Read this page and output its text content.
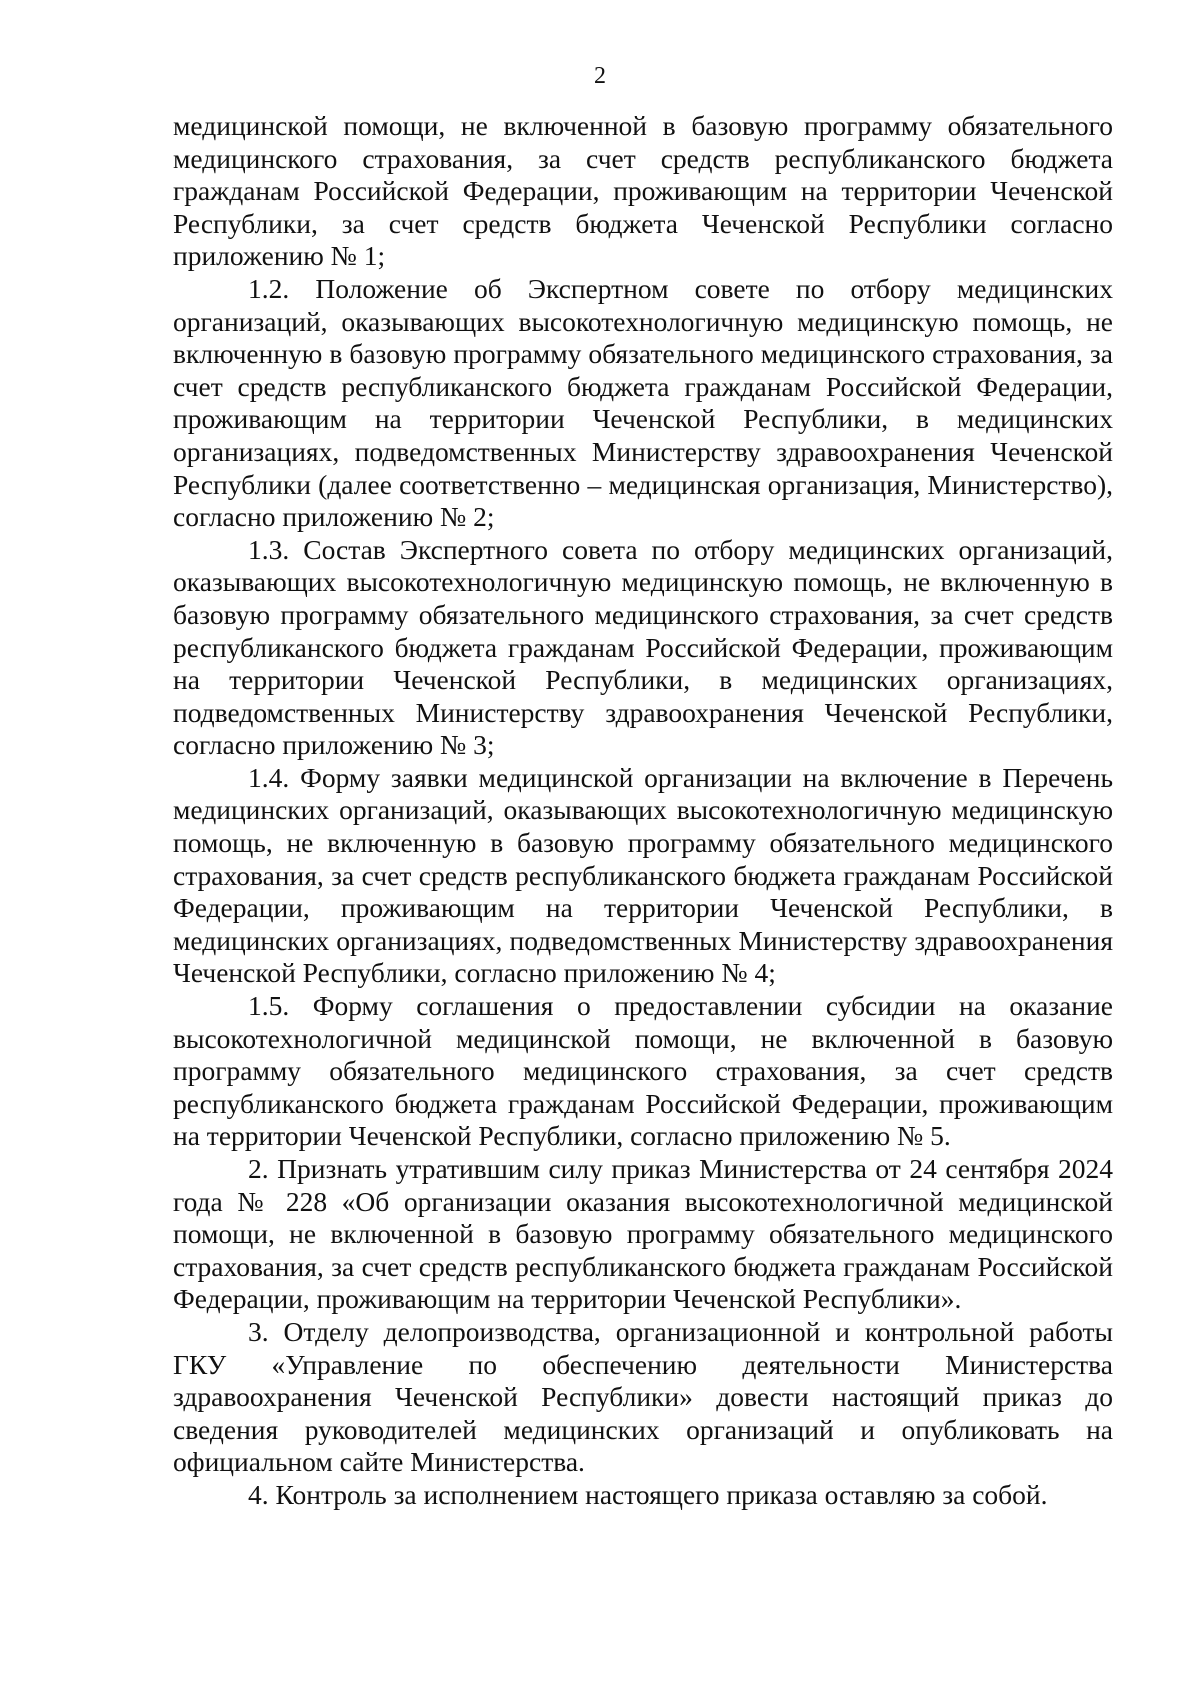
2

медицинской помощи, не включенной в базовую программу обязательного медицинского страхования, за счет средств республиканского бюджета гражданам Российской Федерации, проживающим на территории Чеченской Республики, за счет средств бюджета Чеченской Республики согласно приложению № 1;

1.2. Положение об Экспертном совете по отбору медицинских организаций, оказывающих высокотехнологичную медицинскую помощь, не включенную в базовую программу обязательного медицинского страхования, за счет средств республиканского бюджета гражданам Российской Федерации, проживающим на территории Чеченской Республики, в медицинских организациях, подведомственных Министерству здравоохранения Чеченской Республики (далее соответственно – медицинская организация, Министерство), согласно приложению № 2;

1.3. Состав Экспертного совета по отбору медицинских организаций, оказывающих высокотехнологичную медицинскую помощь, не включенную в базовую программу обязательного медицинского страхования, за счет средств республиканского бюджета гражданам Российской Федерации, проживающим на территории Чеченской Республики, в медицинских организациях, подведомственных Министерству здравоохранения Чеченской Республики, согласно приложению № 3;

1.4. Форму заявки медицинской организации на включение в Перечень медицинских организаций, оказывающих высокотехнологичную медицинскую помощь, не включенную в базовую программу обязательного медицинского страхования, за счет средств республиканского бюджета гражданам Российской Федерации, проживающим на территории Чеченской Республики, в медицинских организациях, подведомственных Министерству здравоохранения Чеченской Республики, согласно приложению № 4;

1.5. Форму соглашения о предоставлении субсидии на оказание высокотехнологичной медицинской помощи, не включенной в базовую программу обязательного медицинского страхования, за счет средств республиканского бюджета гражданам Российской Федерации, проживающим на территории Чеченской Республики, согласно приложению № 5.

2. Признать утратившим силу приказ Министерства от 24 сентября 2024 года № 228 «Об организации оказания высокотехнологичной медицинской помощи, не включенной в базовую программу обязательного медицинского страхования, за счет средств республиканского бюджета гражданам Российской Федерации, проживающим на территории Чеченской Республики».

3. Отделу делопроизводства, организационной и контрольной работы ГКУ «Управление по обеспечению деятельности Министерства здравоохранения Чеченской Республики» довести настоящий приказ до сведения руководителей медицинских организаций и опубликовать на официальном сайте Министерства.

4. Контроль за исполнением настоящего приказа оставляю за собой.
